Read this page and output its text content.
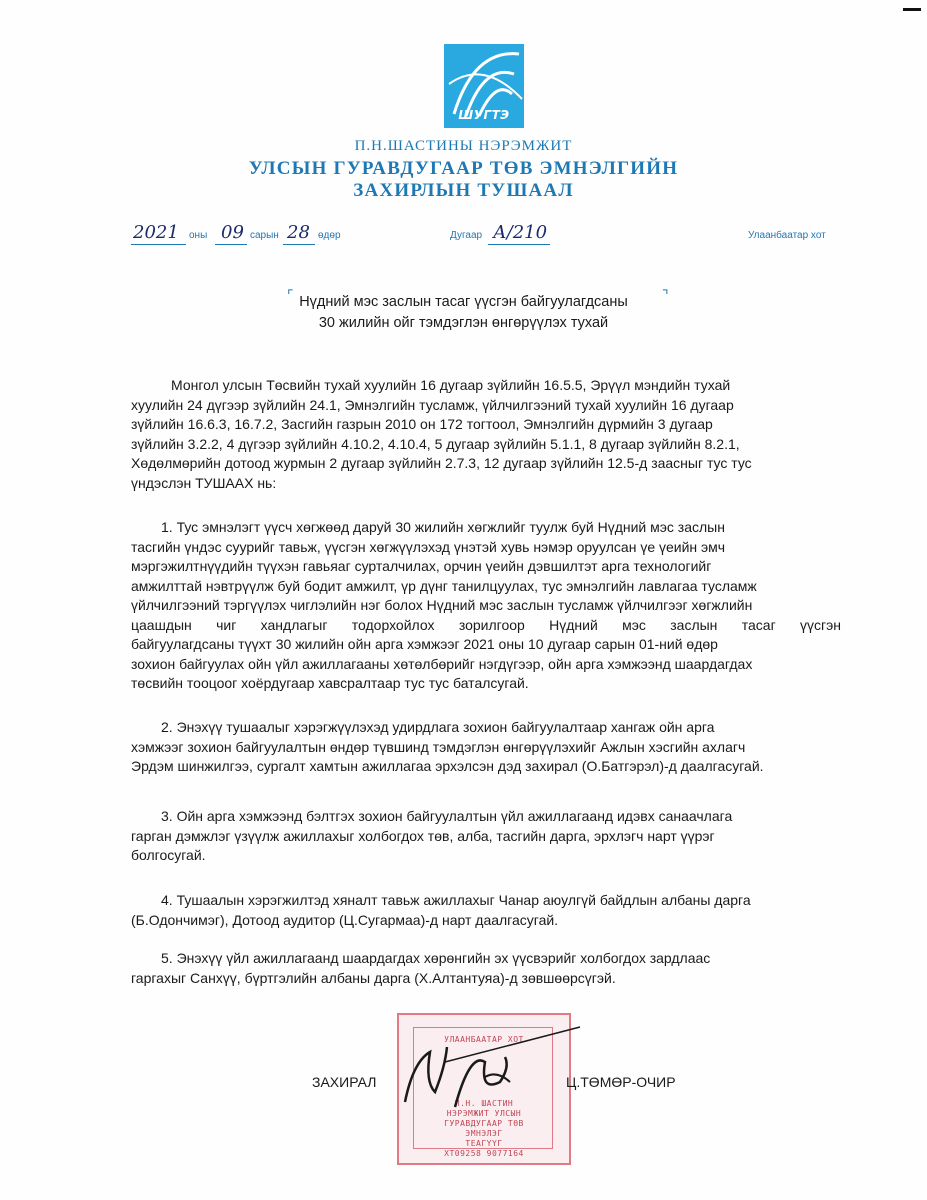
ШУГТЭ
П.Н.ШАСТИНЫ НЭРЭМЖИТ
УЛСЫН ГУРАВДУГААР ТӨВ ЭМНЭЛГИЙН
ЗАХИРЛЫН ТУШААЛ
2021 оны 09 сарын 28 өдөр	Дугаар А/210	Улаанбаатар хот
⌜	⌝
Нүдний мэс заслын тасаг үүсгэн байгуулагдсаны
30 жилийн ойг тэмдэглэн өнгөрүүлэх тухай
Монгол улсын Төсвийн тухай хуулийн 16 дугаар зүйлийн 16.5.5, Эрүүл мэндийн тухай
хуулийн 24 дүгээр зүйлийн 24.1, Эмнэлгийн тусламж, үйлчилгээний тухай хуулийн 16 дугаар
зүйлийн 16.6.3, 16.7.2, Засгийн газрын 2010 он 172 тогтоол, Эмнэлгийн дүрмийн 3 дугаар
зүйлийн 3.2.2, 4 дүгээр зүйлийн 4.10.2, 4.10.4, 5 дугаар зүйлийн 5.1.1, 8 дугаар зүйлийн 8.2.1,
Хөдөлмөрийн дотоод журмын 2 дугаар зүйлийн 2.7.3, 12 дугаар зүйлийн 12.5-д заасныг тус тус
үндэслэн ТУШААХ нь:
1. Тус эмнэлэгт үүсч хөгжөөд даруй 30 жилийн хөгжлийг туулж буй Нүдний мэс заслын
тасгийн үндэс суурийг тавьж, үүсгэн хөгжүүлэхэд үнэтэй хувь нэмэр оруулсан үе үеийн эмч
мэргэжилтнүүдийн түүхэн гавьяаг сурталчилах, орчин үеийн дэвшилтэт арга технологийг
амжилттай нэвтрүүлж буй бодит амжилт, үр дүнг танилцуулах, тус эмнэлгийн лавлагаа тусламж
үйлчилгээний тэргүүлэх чиглэлийн нэг болох Нүдний мэс заслын тусламж үйлчилгээг хөгжлийн
цаашдын чиг хандлагыг тодорхойлох зорилгоор Нүдний мэс заслын тасаг үүсгэн
байгуулагдсаны түүхт 30 жилийн ойн арга хэмжээг 2021 оны 10 дугаар сарын 01-ний өдөр
зохион байгуулах ойн үйл ажиллагааны хөтөлбөрийг нэгдүгээр, ойн арга хэмжээнд шаардагдах
төсвийн тооцоог хоёрдугаар хавсралтаар тус тус баталсугай.
2. Энэхүү тушаалыг хэрэгжүүлэхэд удирдлага зохион байгуулалтаар хангаж ойн арга
хэмжээг зохион байгуулалтын өндөр түвшинд тэмдэглэн өнгөрүүлэхийг Ажлын хэсгийн ахлагч
Эрдэм шинжилгээ, сургалт хамтын ажиллагаа эрхэлсэн дэд захирал (О.Батгэрэл)-д даалгасугай.
3. Ойн арга хэмжээнд бэлтгэх зохион байгуулалтын үйл ажиллагаанд идэвх санаачлага
гарган дэмжлэг үзүүлж ажиллахыг холбогдох төв, алба, тасгийн дарга, эрхлэгч нарт үүрэг
болгосугай.
4. Тушаалын хэрэгжилтэд хяналт тавьж ажиллахыг Чанар аюулгүй байдлын албаны дарга
(Б.Одончимэг), Дотоод аудитор (Ц.Сугармаа)-д нарт даалгасугай.
5. Энэхүү үйл ажиллагаанд шаардагдах хөрөнгийн эх үүсвэрийг холбогдох зардлаас
гаргахыг Санхүү, бүртгэлийн албаны дарга (Х.Алтантуяа)-д зөвшөөрсүгэй.
УЛААНБААТАР ХОТ
П.Н. ШАСТИН
НЭРЭМЖИТ УЛСЫН
ГУРАВДУГААР ТӨВ
ЭМНЭЛЭГ
ТЕАГҮҮГ
ХТ09258 9077164
ЗАХИРАЛ	Ц.ТӨМӨР-ОЧИР
